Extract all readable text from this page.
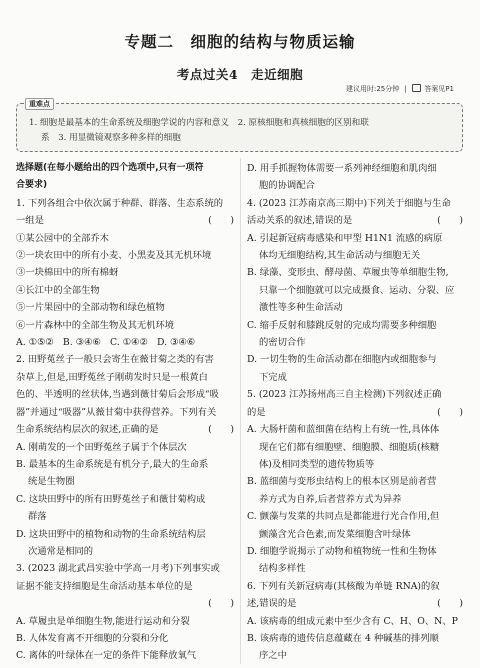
专题二　细胞的结构与物质运输
考点过关4　走近细胞
建议用时:25分钟 | 答案见P1
重难点
1. 细胞是最基本的生命系统及细胞学说的内容和意义　2. 原核细胞和真核细胞的区别和联
系　3. 用显微镜观察多种多样的细胞
选择题(在每小题给出的四个选项中,只有一项符
合要求)
1. 下列各组合中依次属于种群、群落、生态系统的
一组是	(　　)
①某公园中的全部乔木
②一块农田中的所有小麦、小黑麦及其无机环境
③一块棉田中的所有棉蚜
④长江中的全部生物
⑤一片果园中的全部动物和绿色植物
⑥一片森林中的全部生物及其无机环境
A. ①⑤②　B. ③④⑥　C. ①④②　D. ③④⑥
2. 田野菟丝子一般只会寄生在薇甘菊之类的有害
杂草上,但是,田野菟丝子刚萌发时只是一根黄白
色的、半透明的丝状体,当遇到薇甘菊后会形成“吸
器”并通过“吸器”从薇甘菊中获得营养。下列有关
生命系统结构层次的叙述,正确的是	(　　)
A. 刚萌发的一个田野菟丝子属于个体层次
B. 最基本的生命系统是有机分子,最大的生命系
统是生物圈
C. 这块田野中的所有田野菟丝子和薇甘菊构成
群落
D. 这块田野中的植物和动物的生命系统结构层
次通常是相同的
3. (2023 湖北武昌实验中学高一月考)下列事实或
证据不能支持细胞是生命活动基本单位的是
(　　)
A. 草履虫是单细胞生物,能进行运动和分裂
B. 人体发育离不开细胞的分裂和分化
C. 离体的叶绿体在一定的条件下能释放氧气
D. 用手抓握物体需要一系列神经细胞和肌肉细
胞的协调配合
4. (2023 江苏南京高三期中)下列关于细胞与生命
活动关系的叙述,错误的是	(　　)
A. 引起新冠病毒感染和甲型 H1N1 流感的病原
体均无细胞结构,其生命活动与细胞无关
B. 绿藻、变形虫、酵母菌、草履虫等单细胞生物,
只靠一个细胞就可以完成摄食、运动、分裂、应
激性等多种生命活动
C. 缩手反射和膝跳反射的完成均需要多种细胞
的密切合作
D. 一切生物的生命活动都在细胞内或细胞参与
下完成
5. (2023 江苏扬州高三自主检测)下列叙述正确
的是	(　　)
A. 大肠杆菌和蓝细菌在结构上有统一性,具体体
现在它们都有细胞壁、细胞膜、细胞质(核糖
体)及相同类型的遗传物质等
B. 蓝细菌与变形虫结构上的根本区别是前者营
养方式为自养,后者营养方式为异养
C. 颤藻与发菜的共同点是都能进行光合作用,但
颤藻含光合色素,而发菜细胞含叶绿体
D. 细胞学说揭示了动物和植物统一性和生物体
结构多样性
6. 下列有关新冠病毒(其核酸为单链 RNA)的叙
述,错误的是	(　　)
A. 该病毒的组成元素中至少含有 C、H、O、N、P
B. 该病毒的遗传信息蕴藏在 4 种碱基的排列顺
序之中
